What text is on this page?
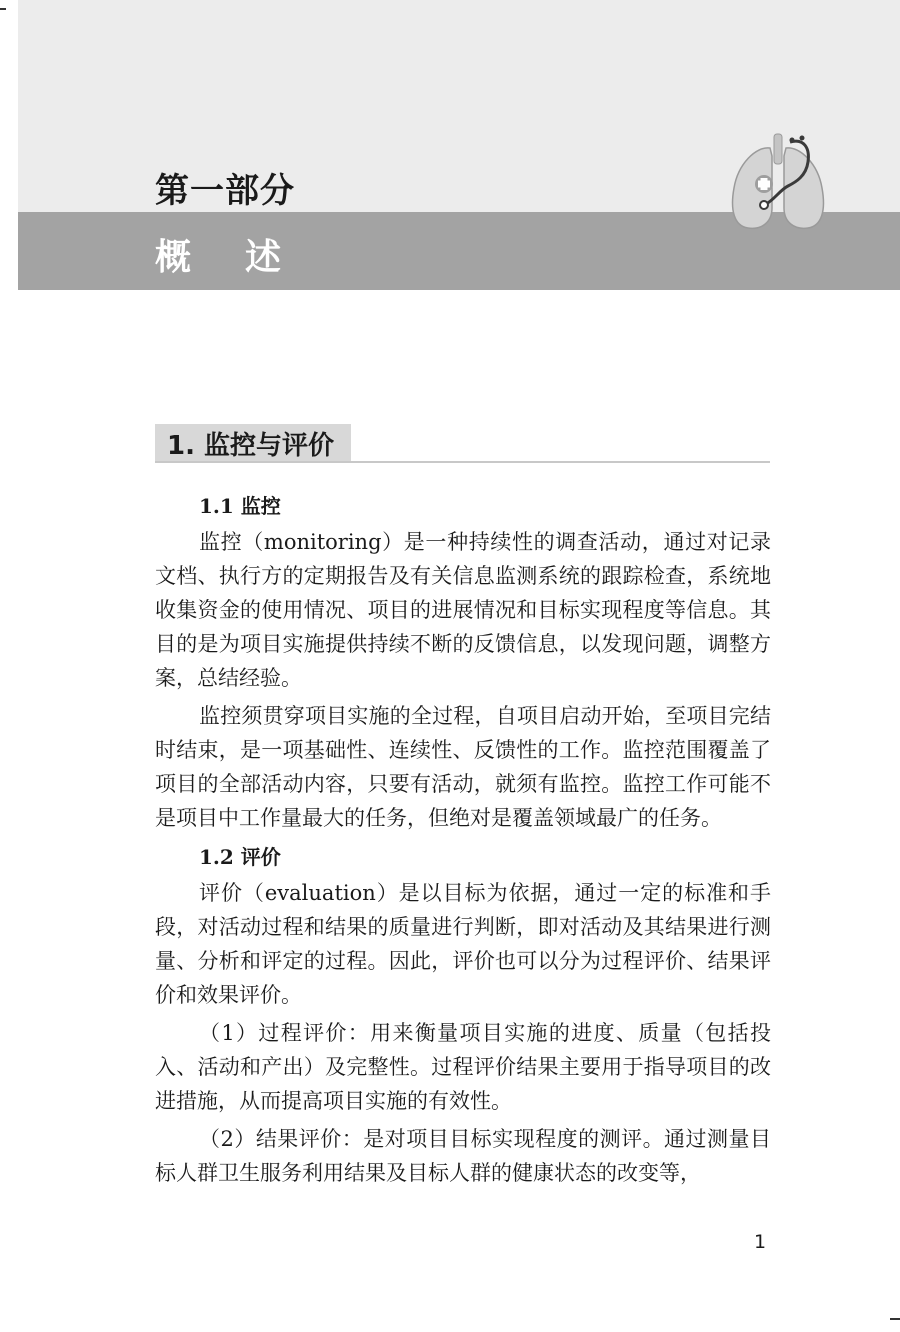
第一部分
概述
1. 监控与评价

1.1 监控

监控（monitoring）是一种持续性的调查活动，通过对记录文档、执行方的定期报告及有关信息监测系统的跟踪检查，系统地收集资金的使用情况、项目的进展情况和目标实现程度等信息。其目的是为项目实施提供持续不断的反馈信息，以发现问题，调整方案，总结经验。

监控须贯穿项目实施的全过程，自项目启动开始，至项目完结时结束，是一项基础性、连续性、反馈性的工作。监控范围覆盖了项目的全部活动内容，只要有活动，就须有监控。监控工作可能不是项目中工作量最大的任务，但绝对是覆盖领域最广的任务。

1.2 评价

评价（evaluation）是以目标为依据，通过一定的标准和手段，对活动过程和结果的质量进行判断，即对活动及其结果进行测量、分析和评定的过程。因此，评价也可以分为过程评价、结果评价和效果评价。

（1）过程评价：用来衡量项目实施的进度、质量（包括投入、活动和产出）及完整性。过程评价结果主要用于指导项目的改进措施，从而提高项目实施的有效性。

（2）结果评价：是对项目目标实现程度的测评。通过测量目标人群卫生服务利用结果及目标人群的健康状态的改变等，

1
